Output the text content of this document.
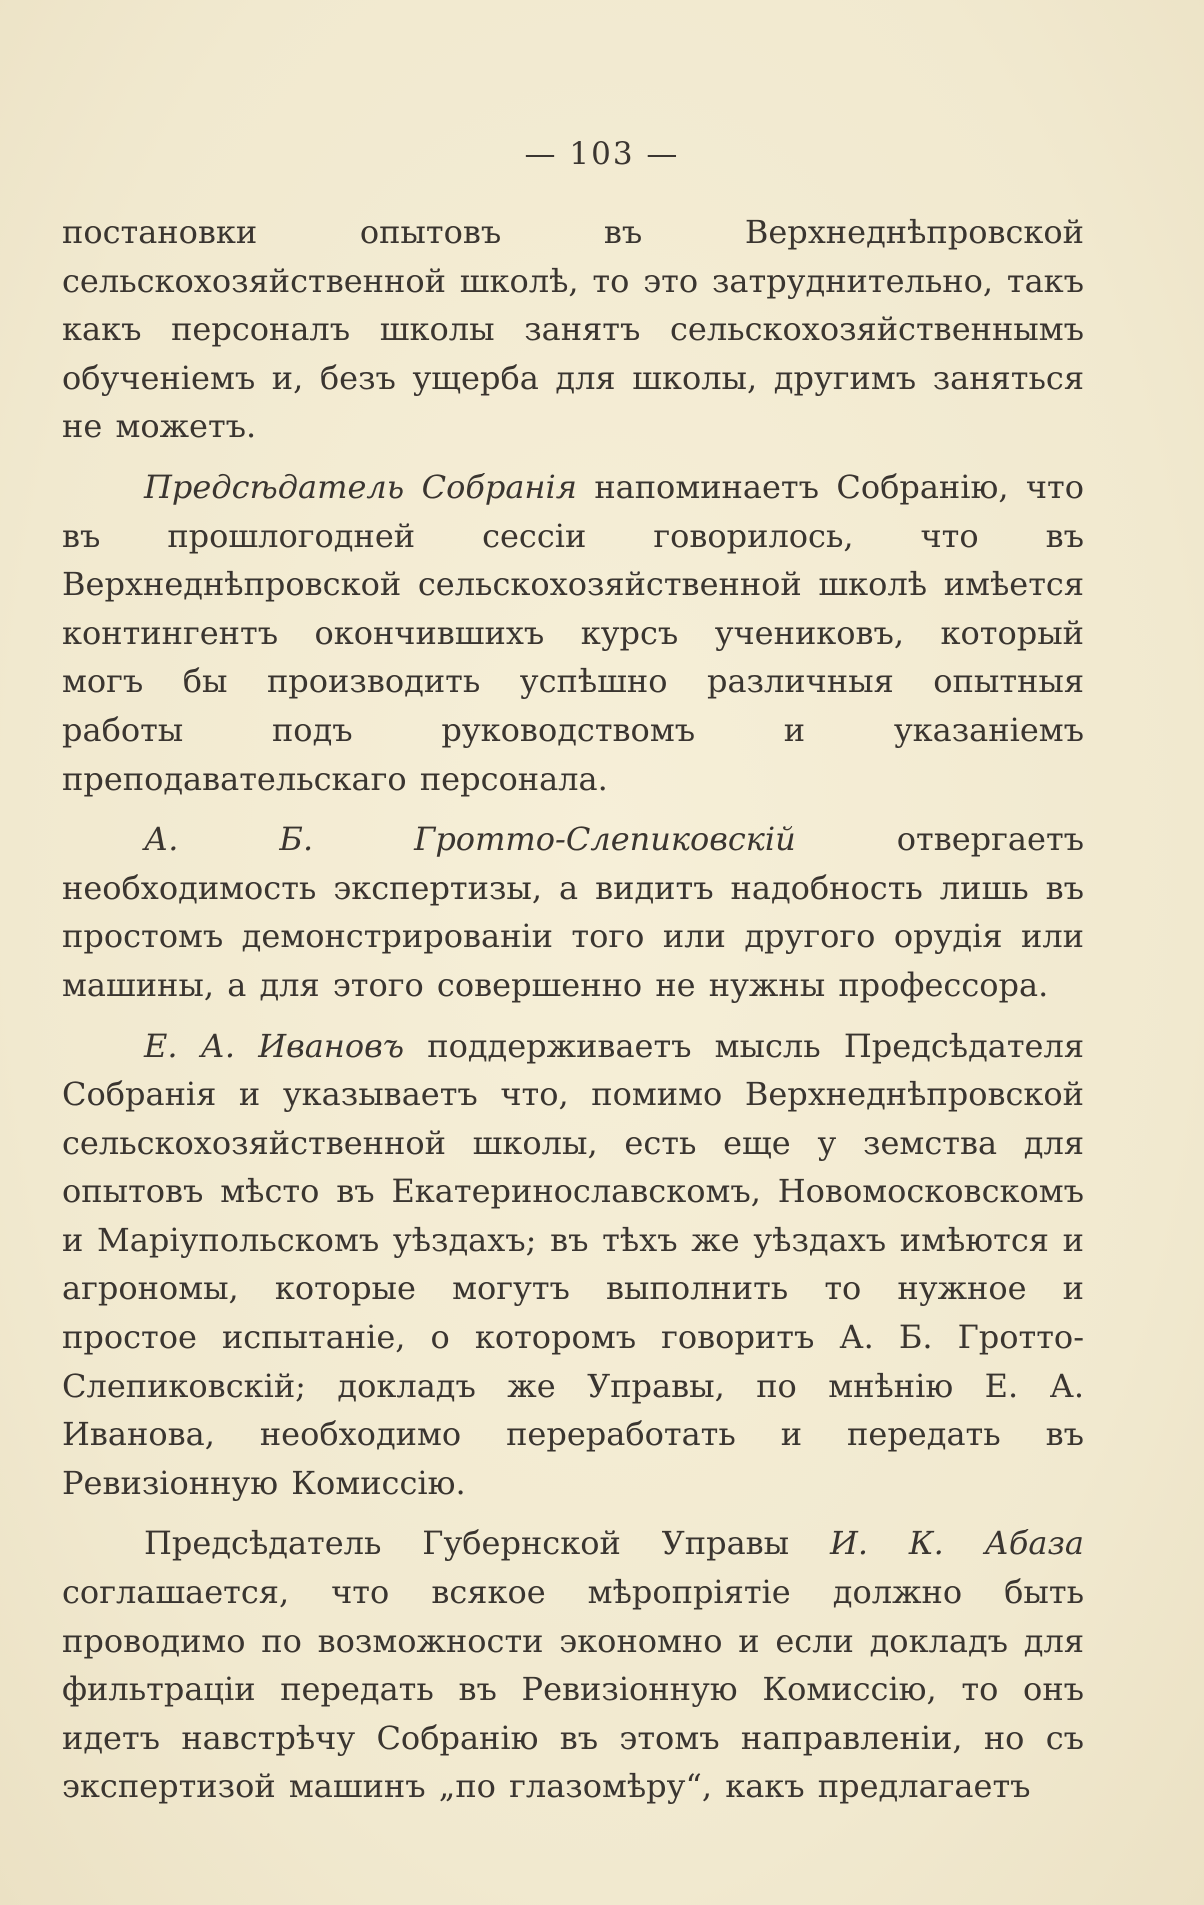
— 103 —

постановки опытовъ въ Верхнеднѣпровской сельскохозяйственной школѣ, то это затруднительно, такъ какъ персоналъ школы занятъ сельскохозяйственнымъ обученіемъ и, безъ ущерба для школы, другимъ заняться не можетъ.

Предсѣдатель Собранія напоминаетъ Собранію, что въ прошлогодней сессіи говорилось, что въ Верхнеднѣпровской сельскохозяйственной школѣ имѣется контингентъ окончившихъ курсъ учениковъ, который могъ бы производить успѣшно различныя опытныя работы подъ руководствомъ и указаніемъ преподавательскаго персонала.

А. Б. Гротто-Слепиковскій отвергаетъ необходимость экспертизы, а видитъ надобность лишь въ простомъ демонстрированіи того или другого орудія или машины, а для этого совершенно не нужны профессора.

Е. А. Ивановъ поддерживаетъ мысль Предсѣдателя Собранія и указываетъ что, помимо Верхнеднѣпровской сельскохозяйственной школы, есть еще у земства для опытовъ мѣсто въ Екатеринославскомъ, Новомосковскомъ и Маріупольскомъ уѣздахъ; въ тѣхъ же уѣздахъ имѣются и агрономы, которые могутъ выполнить то нужное и простое испытаніе, о которомъ говоритъ А. Б. Гротто-Слепиковскій; докладъ же Управы, по мнѣнію Е. А. Иванова, необходимо переработать и передать въ Ревизіонную Комиссію.

Предсѣдатель Губернской Управы И. К. Абаза соглашается, что всякое мѣропріятіе должно быть проводимо по возможности экономно и если докладъ для фильтраціи передать въ Ревизіонную Комиссію, то онъ идетъ навстрѣчу Собранію въ этомъ направленіи, но съ экспертизой машинъ „по глазомѣру“, какъ предлагаетъ
